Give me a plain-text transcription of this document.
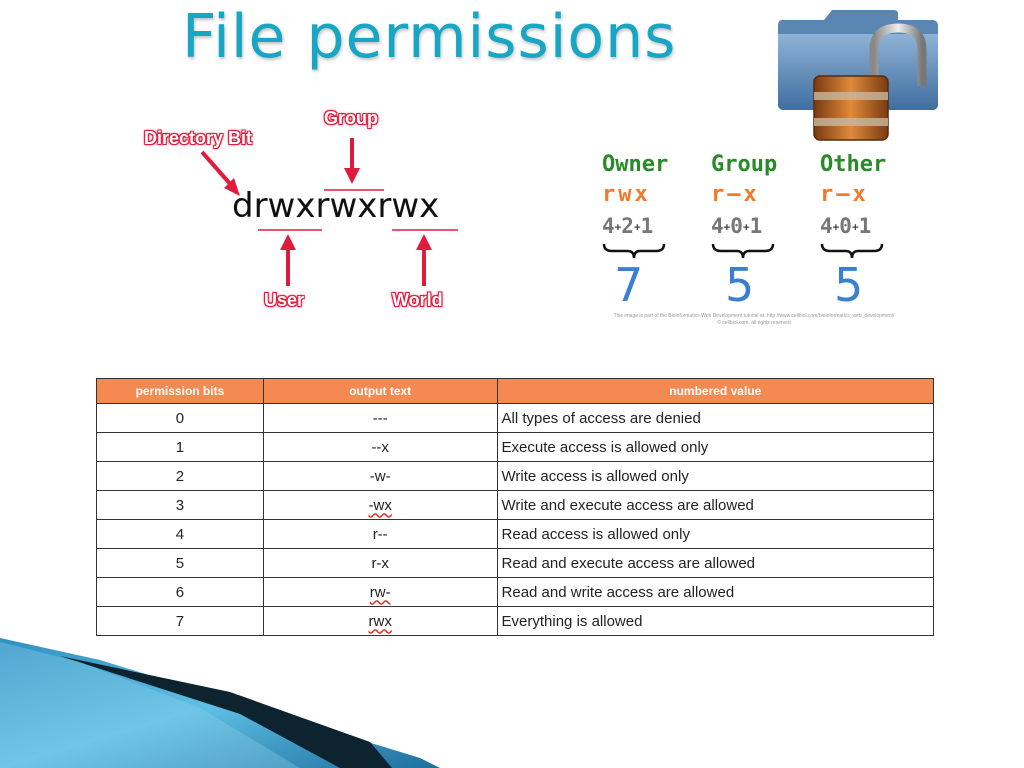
File permissions
Directory Bit
Group
drwxrwxrwx
User	World
Owner
rwx
4+2+1
7
Group
r–x
4+0+1
5
Other
r–x
4+0+1
5
This image is part of the Bioinformatics Web Development tutorial at: http://www.cellbiol.com/bioinformatics_web_development/
© cellbiol.com, all rights reserved
permission bits	output text	numbered value
0	---	All types of access are denied
1	--x	Execute access is allowed only
2	-w-	Write access is allowed only
3	-wx	Write and execute access are allowed
4	r--	Read access is allowed only
5	r-x	Read and execute access are allowed
6	rw-	Read and write access are allowed
7	rwx	Everything is allowed
